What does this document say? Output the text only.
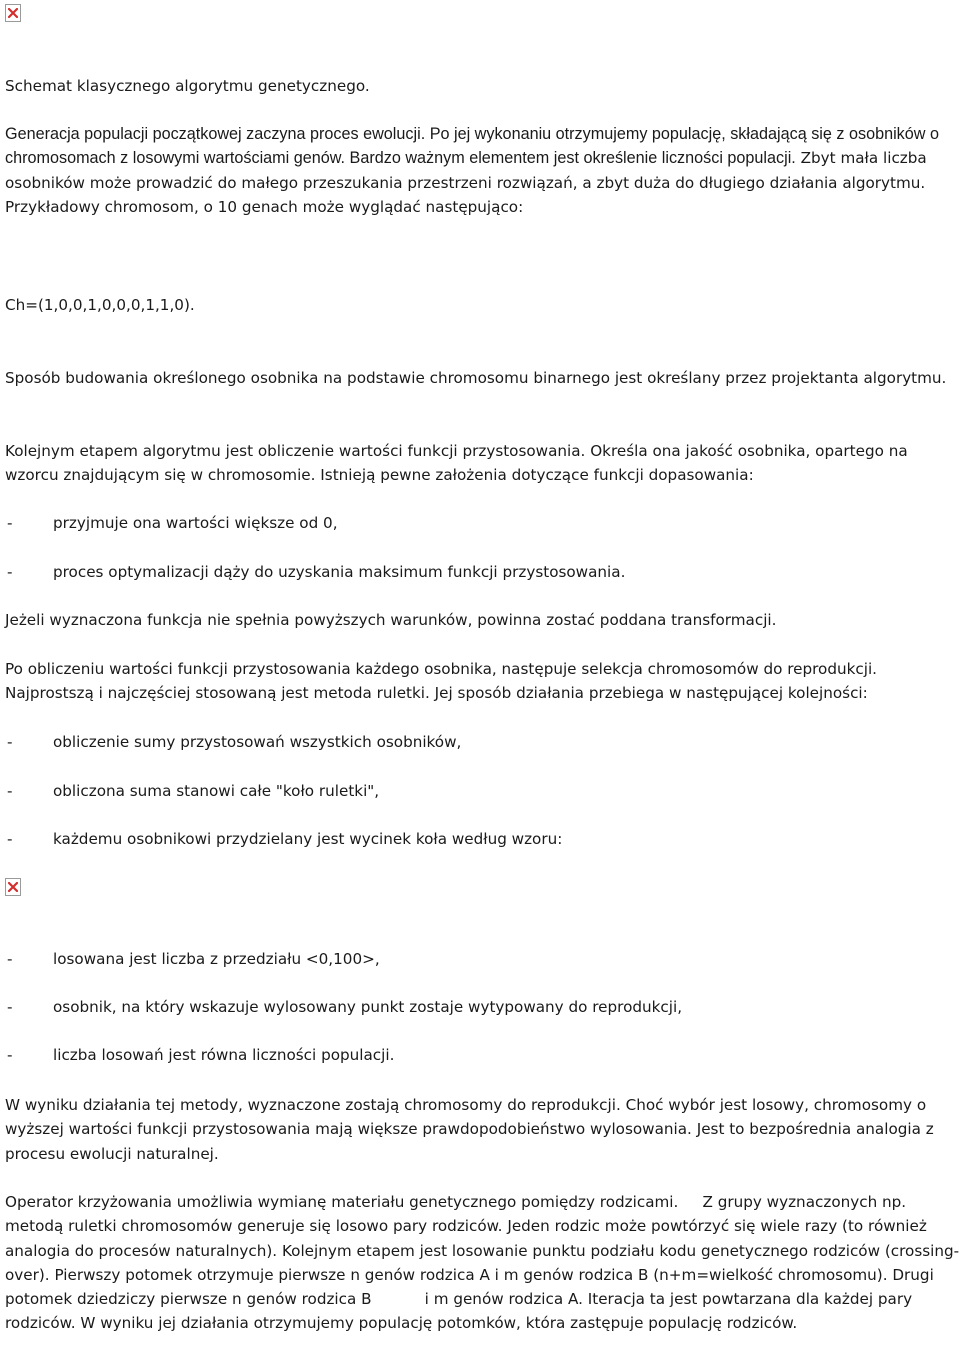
Schemat klasycznego algorytmu genetycznego.
Generacja populacji początkowej zaczyna proces ewolucji. Po jej wykonaniu otrzymujemy populację, składającą się z osobników o chromosomach z losowymi wartościami genów. Bardzo ważnym elementem jest określenie liczności populacji. Zbyt mała liczba osobników może prowadzić do małego przeszukania przestrzeni rozwiązań, a zbyt duża do długiego działania algorytmu. Przykładowy chromosom, o 10 genach może wyglądać następująco:
Ch=(1,0,0,1,0,0,0,1,1,0).
Sposób budowania określonego osobnika na podstawie chromosomu binarnego jest określany przez projektanta algorytmu.
Kolejnym etapem algorytmu jest obliczenie wartości funkcji przystosowania. Określa ona jakość osobnika, opartego na wzorcu znajdującym się w chromosomie. Istnieją pewne założenia dotyczące funkcji dopasowania:
-	przyjmuje ona wartości większe od 0,
-	proces optymalizacji dąży do uzyskania maksimum funkcji przystosowania.
Jeżeli wyznaczona funkcja nie spełnia powyższych warunków, powinna zostać poddana transformacji.
Po obliczeniu wartości funkcji przystosowania każdego osobnika, następuje selekcja chromosomów do reprodukcji. Najprostszą i najczęściej stosowaną jest metoda ruletki. Jej sposób działania przebiega w następującej kolejności:
-	obliczenie sumy przystosowań wszystkich osobników,
-	obliczona suma stanowi całe "koło ruletki",
-	każdemu osobnikowi przydzielany jest wycinek koła według wzoru:
-	losowana jest liczba z przedziału <0,100>,
-	osobnik, na który wskazuje wylosowany punkt zostaje wytypowany do reprodukcji,
-	liczba losowań jest równa liczności populacji.
W wyniku działania tej metody, wyznaczone zostają chromosomy do reprodukcji. Choć wybór jest losowy, chromosomy o wyższej wartości funkcji przystosowania mają większe prawdopodobieństwo wylosowania. Jest to bezpośrednia analogia z procesu ewolucji naturalnej.
Operator krzyżowania umożliwia wymianę materiału genetycznego pomiędzy rodzicami.     Z grupy wyznaczonych np. metodą ruletki chromosomów generuje się losowo pary rodziców. Jeden rodzic może powtórzyć się wiele razy (to również analogia do procesów naturalnych). Kolejnym etapem jest losowanie punktu podziału kodu genetycznego rodziców (crossing-over). Pierwszy potomek otrzymuje pierwsze n genów rodzica A i m genów rodzica B (n+m=wielkość chromosomu). Drugi potomek dziedziczy pierwsze n genów rodzica B           i m genów rodzica A. Iteracja ta jest powtarzana dla każdej pary rodziców. W wyniku jej działania otrzymujemy populację potomków, która zastępuje populację rodziców.
